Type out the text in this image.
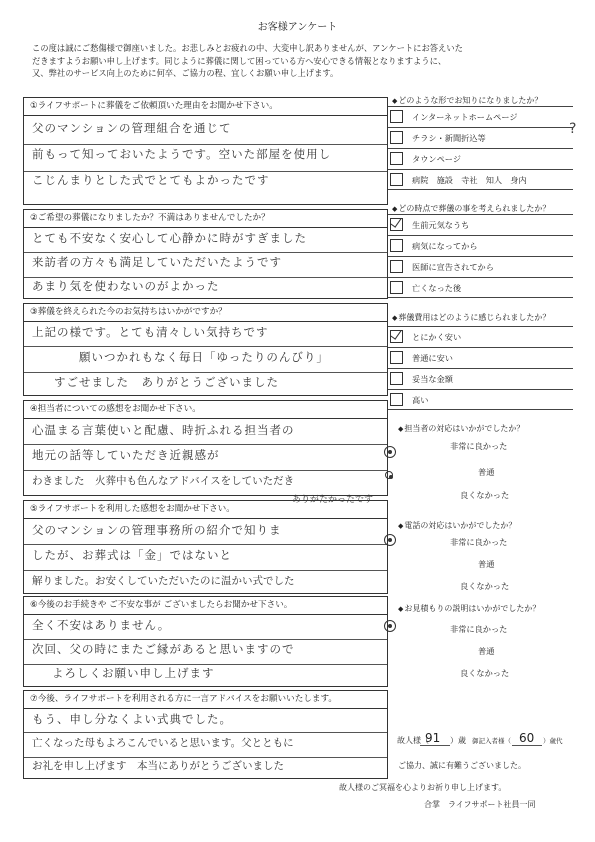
お客様アンケート
この度は誠にご愁傷様で御座いました。お悲しみとお疲れの中、大変申し訳ありませんが、アンケートにお答えいた
だきますようお願い申し上げます。同じように葬儀に関して困っている方へ安心できる情報となりますように、
又、弊社のサービス向上のために何卒、ご協力の程、宜しくお願い申し上げます。
①ライフサポートに葬儀をご依頼頂いた理由をお聞かせ下さい。
父のマンションの管理組合を通じて
前もって知っておいたようです。空いた部屋を使用し
こじんまりとした式でとてもよかったです
②ご希望の葬儀になりましたか？不満はありませんでしたか？
とても不安なく安心して心静かに時がすぎました
来訪者の方々も満足していただいたようです
あまり気を使わないのがよかった
③葬儀を終えられた今のお気持ちはいかがですか？
上記の様です。とても清々しい気持ちです
願いつかれもなく毎日「ゆったりのんびり」
すごせました　ありがとうございました
④担当者についての感想をお聞かせ下さい。
心温まる言葉使いと配慮、時折ふれる担当者の
地元の話等していただき近親感が
わきました　火葬中も色んなアドバイスをしていただき
ありがたかったです
⑤ライフサポートを利用した感想をお聞かせ下さい。
父のマンションの管理事務所の紹介で知りま
したが、お葬式は「金」ではないと
解りました。お安くしていただいたのに温かい式でした
⑥今後のお手続きや ご不安な事が ございましたらお聞かせ下さい。
全く不安はありません。
次回、父の時にまたご縁があると思いますので
よろしくお願い申し上げます
⑦今後、ライフサポートを利用される方に一言アドバイスをお願いいたします。
もう、申し分なくよい式典でした。
亡くなった母もよろこんでいると思います。父とともに
お礼を申し上げます　本当にありがとうございました
◆ どのような形でお知りになりましたか？
インターネットホームページ
チラシ・新聞折込等
タウンページ
病院　施設　寺社　知人　身内
?
◆ どの時点で葬儀の事を考えられましたか？
生前元気なうち
病気になってから
医師に宣告されてから
亡くなった後
◆ 葬儀費用はどのように感じられましたか？
とにかく安い
普通に安い
妥当な金額
高い
◆ 担当者の対応はいかがでしたか？
非常に良かった
普通
良くなかった
◆ 電話の対応はいかがでしたか？
非常に良かった
普通
良くなかった
◆ お見積もりの説明はいかがでしたか？
非常に良かった
普通
良くなかった
故人様（
91 ）歳 御記入者様（ 60 ）歳代
ご協力、誠に有難うございました。
故人様のご冥福を心よりお祈り申し上げます。
合掌　ライフサポート社員一同
